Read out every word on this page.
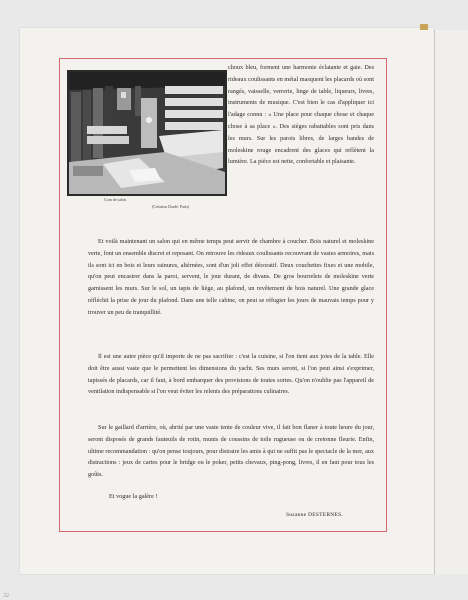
Coin de salon.
(Création Dardé, Paris)
choux bleu, forment une harmonie éclatante et gaie. Des rideaux coulissants en métal masquent les placards où sont rangés, vaisselle, verrerie, linge de table, liqueurs, livres, instruments de musique. C'est bien le cas d'appliquer ici l'adage connu : « Une place pour chaque chose et chaque chose à sa place ». Des sièges rabattables sont pris dans les murs. Sur les parois libres, de larges bandes de moleskine rouge encadrent des glaces qui reflètent la lumière. La pièce est nette, confortable et plaisante.

Et voilà maintenant un salon qui en même temps peut servir de chambre à coucher. Bois naturel et moleskine verte, font un ensemble discret et reposant. On retrouve les rideaux coulissants recouvrant de vastes armoires, mais ils sont ici en bois et leurs rainures, altérnées, sont d'un joli effet décoratif. Deux couchettes fixes et une mobile, qu'on peut encastrer dans la paroi, servent, le jour durant, de divans. De gros bourrelets de moleskine verte garnissent les murs. Sur le sol, un tapis de liège, au plafond, un revêtement de bois naturel. Une grande glace réfléchit la prise de jour du plafond. Dans une telle cabine, on peut se réfugier les jours de mauvais temps pour y trouver un peu de tranquillité.

Il est une autre pièce qu'il importe de ne pas sacrifier : c'est la cuisine, si l'on tient aux joies de la table. Elle doit être aussi vaste que le permettent les dimensions du yacht. Ses murs seront, si l'on peut ainsi s'exprimer, tapissés de placards, car il faut, à bord embarquer des provisions de toutes sortes. Qu'on n'oublie pas l'appareil de ventilation indispensable si l'on veut éviter les relents des préparations culinaires.

Sur le gaillard d'arrière, où, abrité par une vaste tente de couleur vive, il fait bon flaner à toute heure du jour, seront disposés de grands fauteuils de rotin, munis de coussins de toile rugueuse ou de cretonne fleurie. Enfin, ultime recommandation : qu'on pense toujours, pour distraire les amis à qui ne suffit pas le spectacle de la mer, aux distractions : jeux de cartes pour le bridge ou le poker, petits chevaux, ping-pong, livres, il en faut pour tous les goûts.

Et vogue la galère !
Suzanne DESTERNES.
32
